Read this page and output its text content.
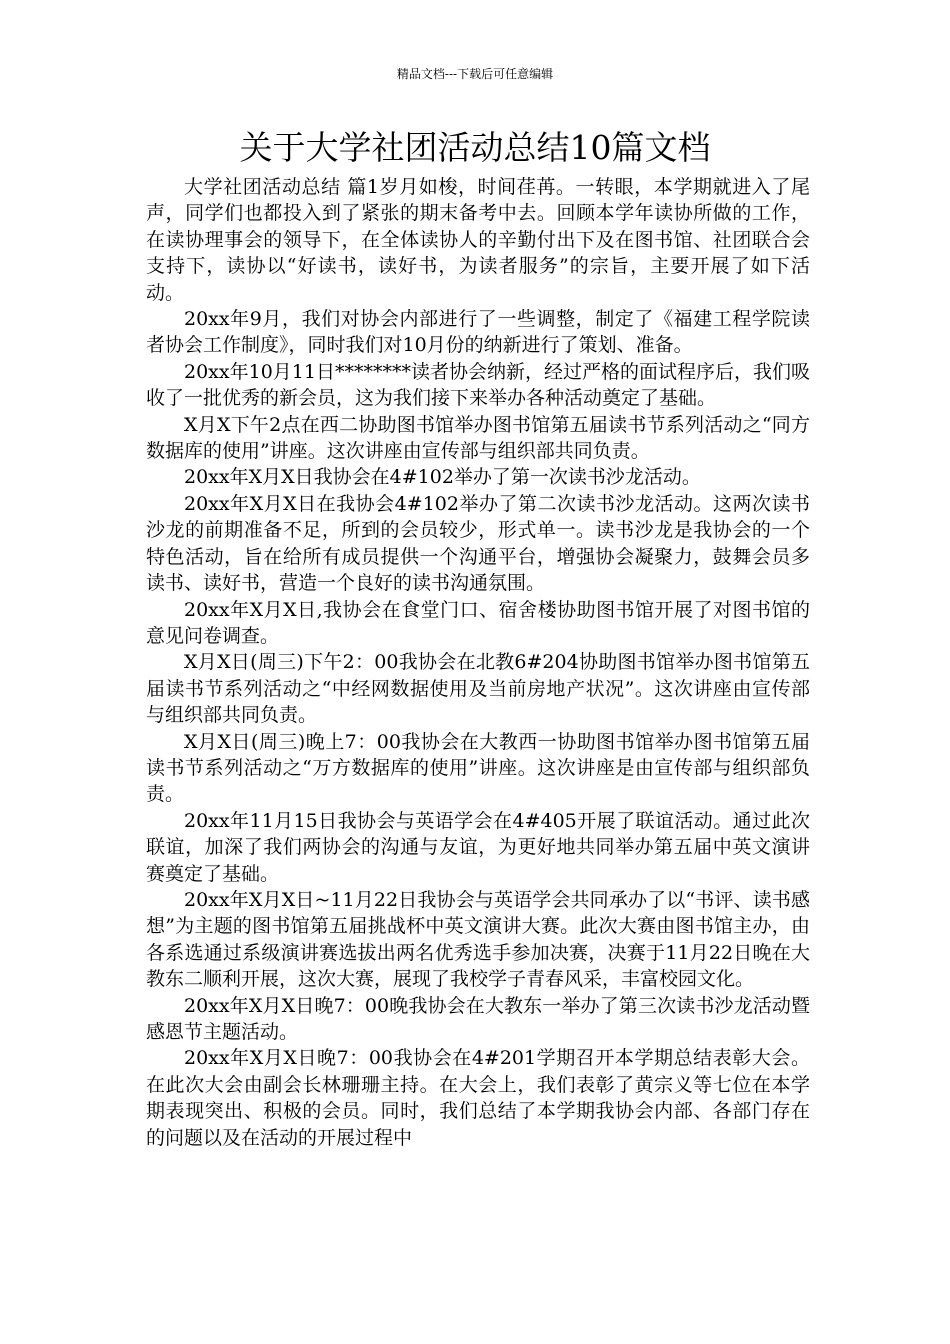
精品文档---下载后可任意编辑
关于大学社团活动总结10篇文档

大学社团活动总结 篇1岁月如梭，时间荏苒。一转眼，本学期就进入了尾声，同学们也都投入到了紧张的期末备考中去。回顾本学年读协所做的工作，在读协理事会的领导下，在全体读协人的辛勤付出下及在图书馆、社团联合会支持下，读协以“好读书，读好书，为读者服务”的宗旨，主要开展了如下活动。

20xx年9月，我们对协会内部进行了一些调整，制定了《福建工程学院读者协会工作制度》，同时我们对10月份的纳新进行了策划、准备。

20xx年10月11日********读者协会纳新，经过严格的面试程序后，我们吸收了一批优秀的新会员，这为我们接下来举办各种活动奠定了基础。

X月X下午2点在西二协助图书馆举办图书馆第五届读书节系列活动之“同方数据库的使用”讲座。这次讲座由宣传部与组织部共同负责。

20xx年X月X日我协会在4#102举办了第一次读书沙龙活动。

20xx年X月X日在我协会4#102举办了第二次读书沙龙活动。这两次读书沙龙的前期准备不足，所到的会员较少，形式单一。读书沙龙是我协会的一个特色活动，旨在给所有成员提供一个沟通平台，增强协会凝聚力，鼓舞会员多读书、读好书，营造一个良好的读书沟通氛围。

20xx年X月X日,我协会在食堂门口、宿舍楼协助图书馆开展了对图书馆的意见问卷调查。

X月X日(周三)下午2：00我协会在北教6#204协助图书馆举办图书馆第五届读书节系列活动之“中经网数据使用及当前房地产状况”。这次讲座由宣传部与组织部共同负责。

X月X日(周三)晚上7：00我协会在大教西一协助图书馆举办图书馆第五届读书节系列活动之“万方数据库的使用”讲座。这次讲座是由宣传部与组织部负责。

20xx年11月15日我协会与英语学会在4#405开展了联谊活动。通过此次联谊，加深了我们两协会的沟通与友谊，为更好地共同举办第五届中英文演讲赛奠定了基础。

20xx年X月X日~11月22日我协会与英语学会共同承办了以“书评、读书感想”为主题的图书馆第五届挑战杯中英文演讲大赛。此次大赛由图书馆主办，由各系选通过系级演讲赛选拔出两名优秀选手参加决赛，决赛于11月22日晚在大教东二顺利开展，这次大赛，展现了我校学子青春风采，丰富校园文化。

20xx年X月X日晚7：00晚我协会在大教东一举办了第三次读书沙龙活动暨感恩节主题活动。

20xx年X月X日晚7：00我协会在4#201学期召开本学期总结表彰大会。在此次大会由副会长林珊珊主持。在大会上，我们表彰了黄宗义等七位在本学期表现突出、积极的会员。同时，我们总结了本学期我协会内部、各部门存在的问题以及在活动的开展过程中
